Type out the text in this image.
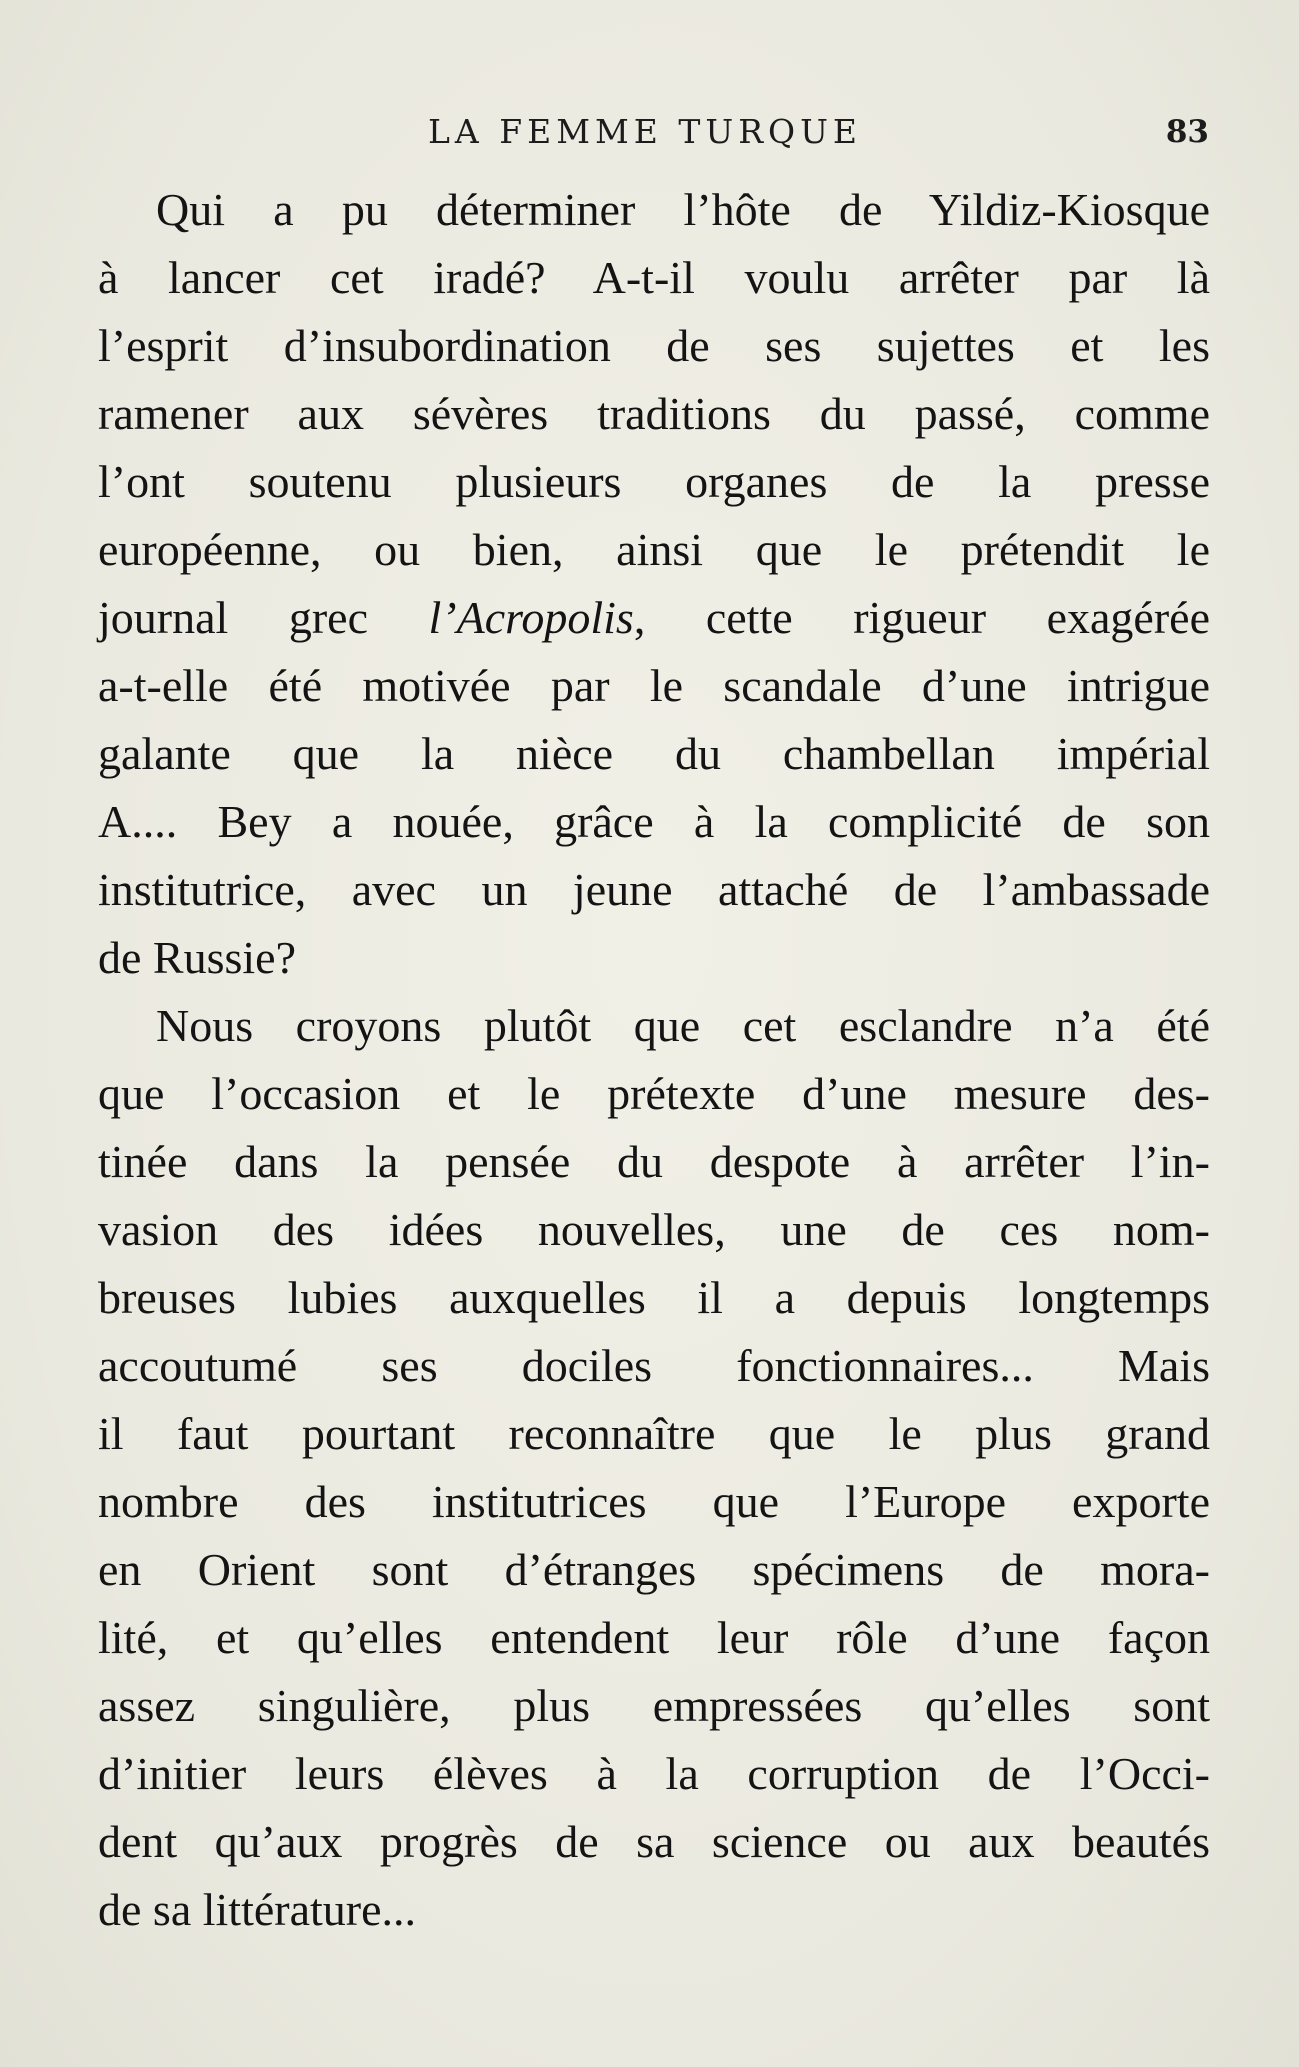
LA FEMME TURQUE	83
Qui a pu déterminer l’hôte de Yildiz-Kiosque
à lancer cet iradé? A-t-il voulu arrêter par là
l’esprit d’insubordination de ses sujettes et les
ramener aux sévères traditions du passé, comme
l’ont soutenu plusieurs organes de la presse
européenne, ou bien, ainsi que le prétendit le
journal grec l’Acropolis, cette rigueur exagérée
a-t-elle été motivée par le scandale d’une intrigue
galante que la nièce du chambellan impérial
A.... Bey a nouée, grâce à la complicité de son
institutrice, avec un jeune attaché de l’ambassade
de Russie?
Nous croyons plutôt que cet esclandre n’a été
que l’occasion et le prétexte d’une mesure des-
tinée dans la pensée du despote à arrêter l’in-
vasion des idées nouvelles, une de ces nom-
breuses lubies auxquelles il a depuis longtemps
accoutumé ses dociles fonctionnaires... Mais
il faut pourtant reconnaître que le plus grand
nombre des institutrices que l’Europe exporte
en Orient sont d’étranges spécimens de mora-
lité, et qu’elles entendent leur rôle d’une façon
assez singulière, plus empressées qu’elles sont
d’initier leurs élèves à la corruption de l’Occi-
dent qu’aux progrès de sa science ou aux beautés
de sa littérature...
